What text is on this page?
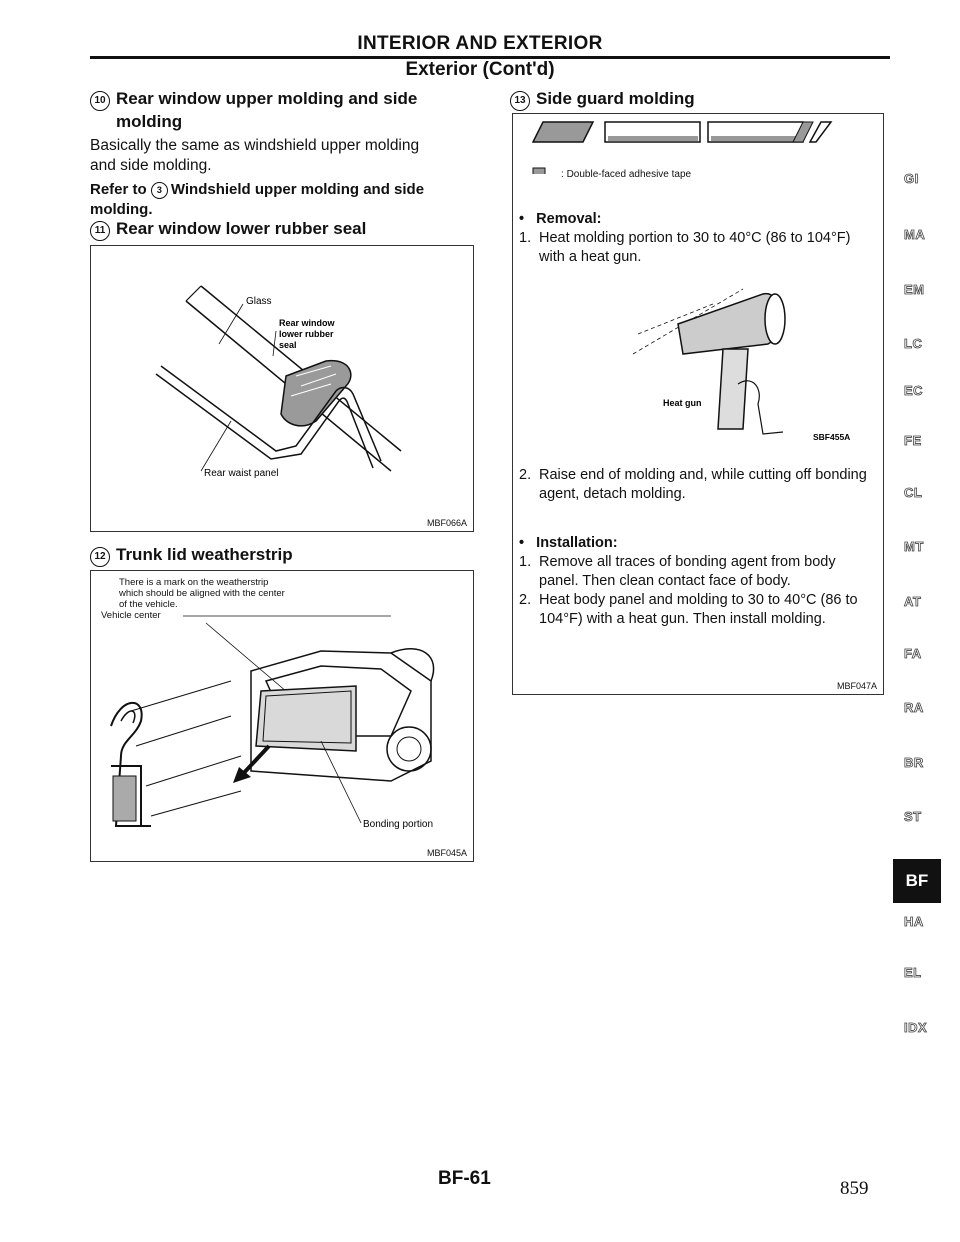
INTERIOR AND EXTERIOR
Exterior (Cont'd)
10 Rear window upper molding and side
molding
Basically the same as windshield upper molding
and side molding.
Refer to 3 Windshield upper molding and side
molding.
11 Rear window lower rubber seal
Glass
Rear window
lower rubber
seal
Rear waist panel
MBF066A
12 Trunk lid weatherstrip
There is a mark on the weatherstrip
which should be aligned with the center
of the vehicle.
Vehicle center
Bonding portion
MBF045A
13 Side guard molding
: Double-faced adhesive tape
•   Removal:
1. Heat molding portion to 30 to 40°C (86 to 104°F) with a heat gun.
Heat gun
SBF455A
2. Raise end of molding and, while cutting off bonding agent, detach molding.
•   Installation:
1. Remove all traces of bonding agent from body panel. Then clean contact face of body.
2. Heat body panel and molding to 30 to 40°C (86 to 104°F) with a heat gun. Then install molding.
MBF047A
GI
MA
EM
LC
EC
FE
CL
MT
AT
FA
RA
BR
ST
BF
HA
EL
IDX
BF-61	859
